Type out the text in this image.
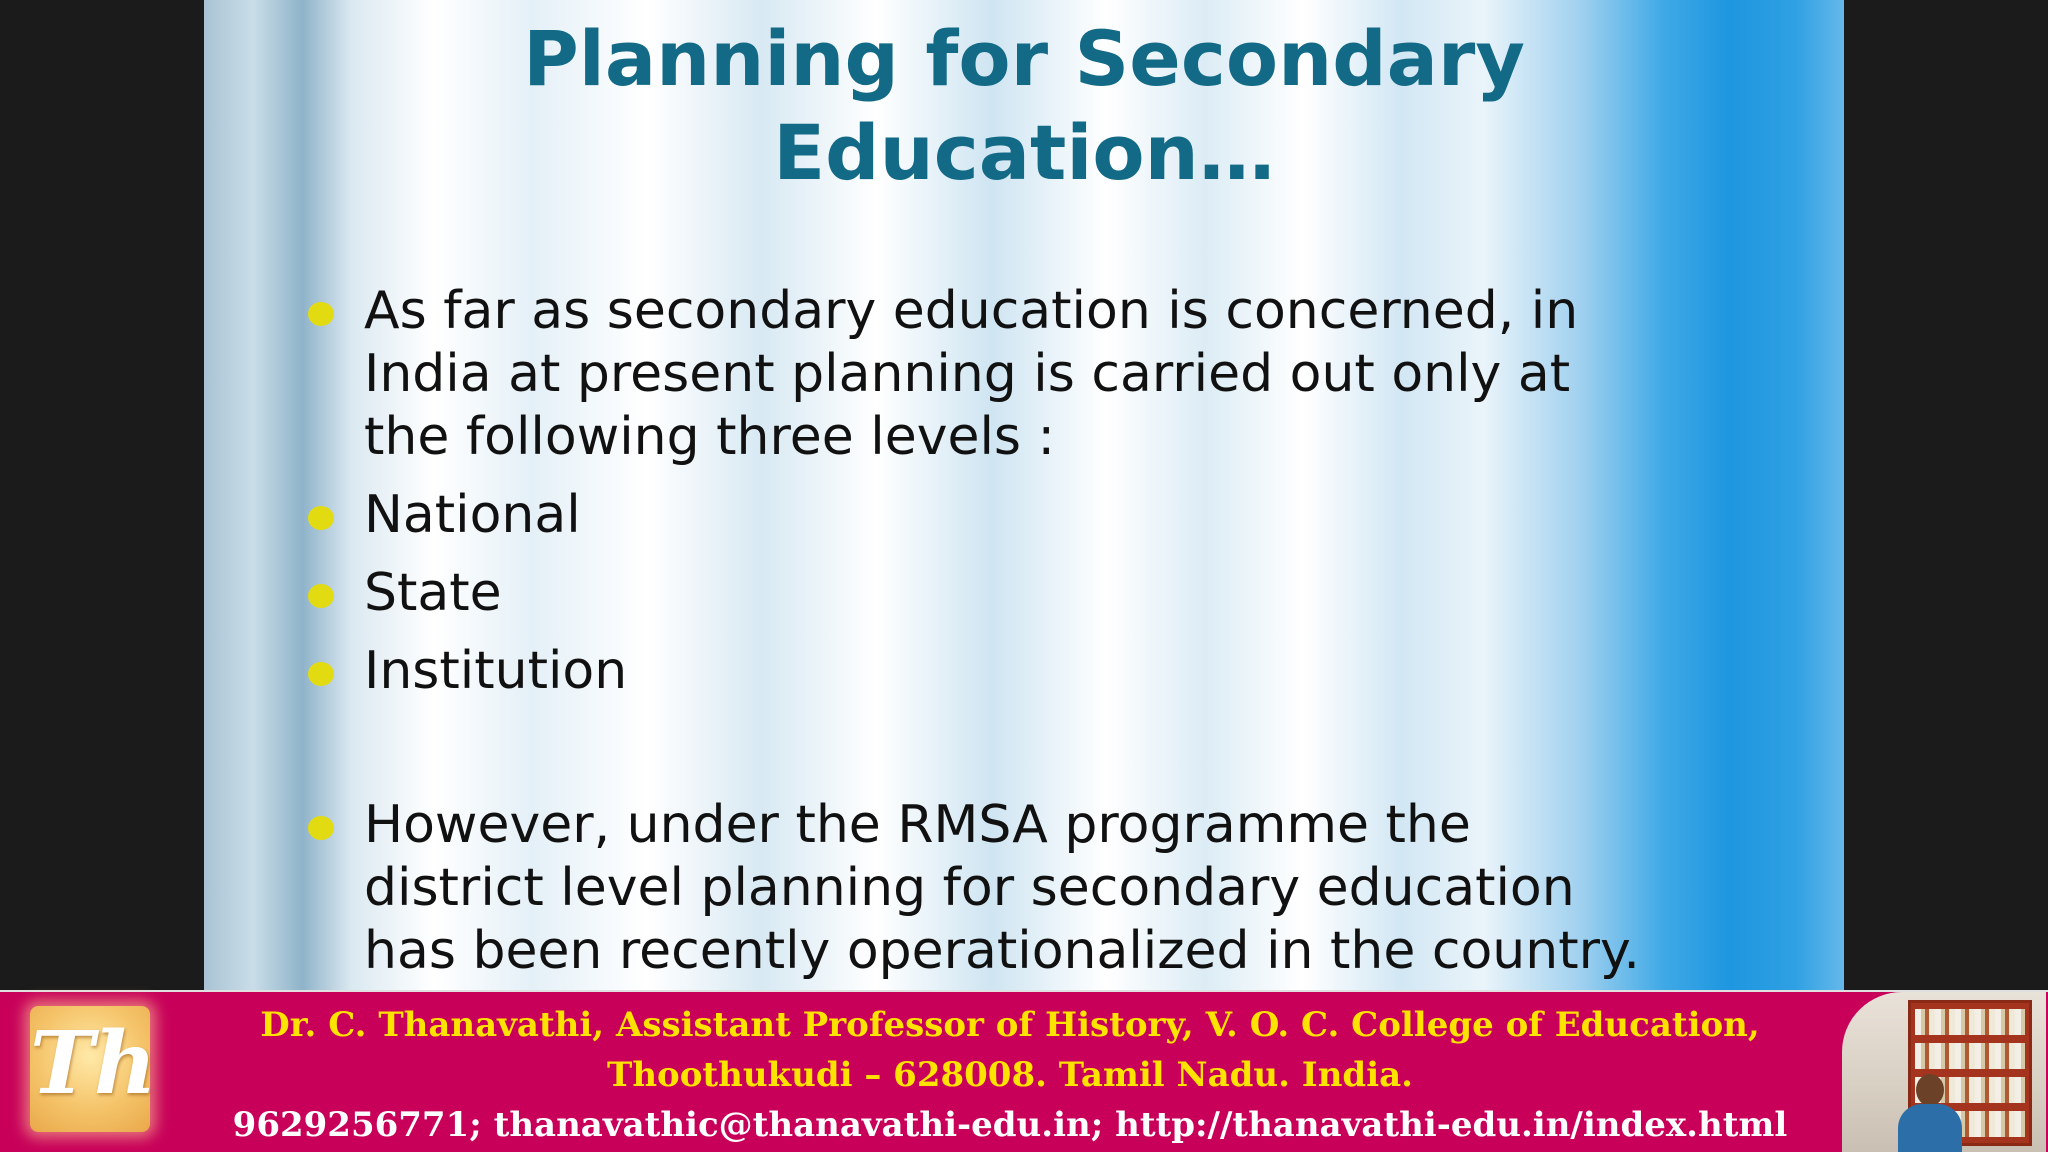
Planning for Secondary
Education…
As far as secondary education is concerned, in
India at present planning is carried out only at
the following three levels :
National
State
Institution
However, under the RMSA programme the
district level planning for secondary education
has been recently operationalized in the country.
Th	Dr. C. Thanavathi, Assistant Professor of History, V. O. C. College of Education,
Thoothukudi – 628008. Tamil Nadu. India.
9629256771; thanavathic@thanavathi-edu.in; http://thanavathi-edu.in/index.html
